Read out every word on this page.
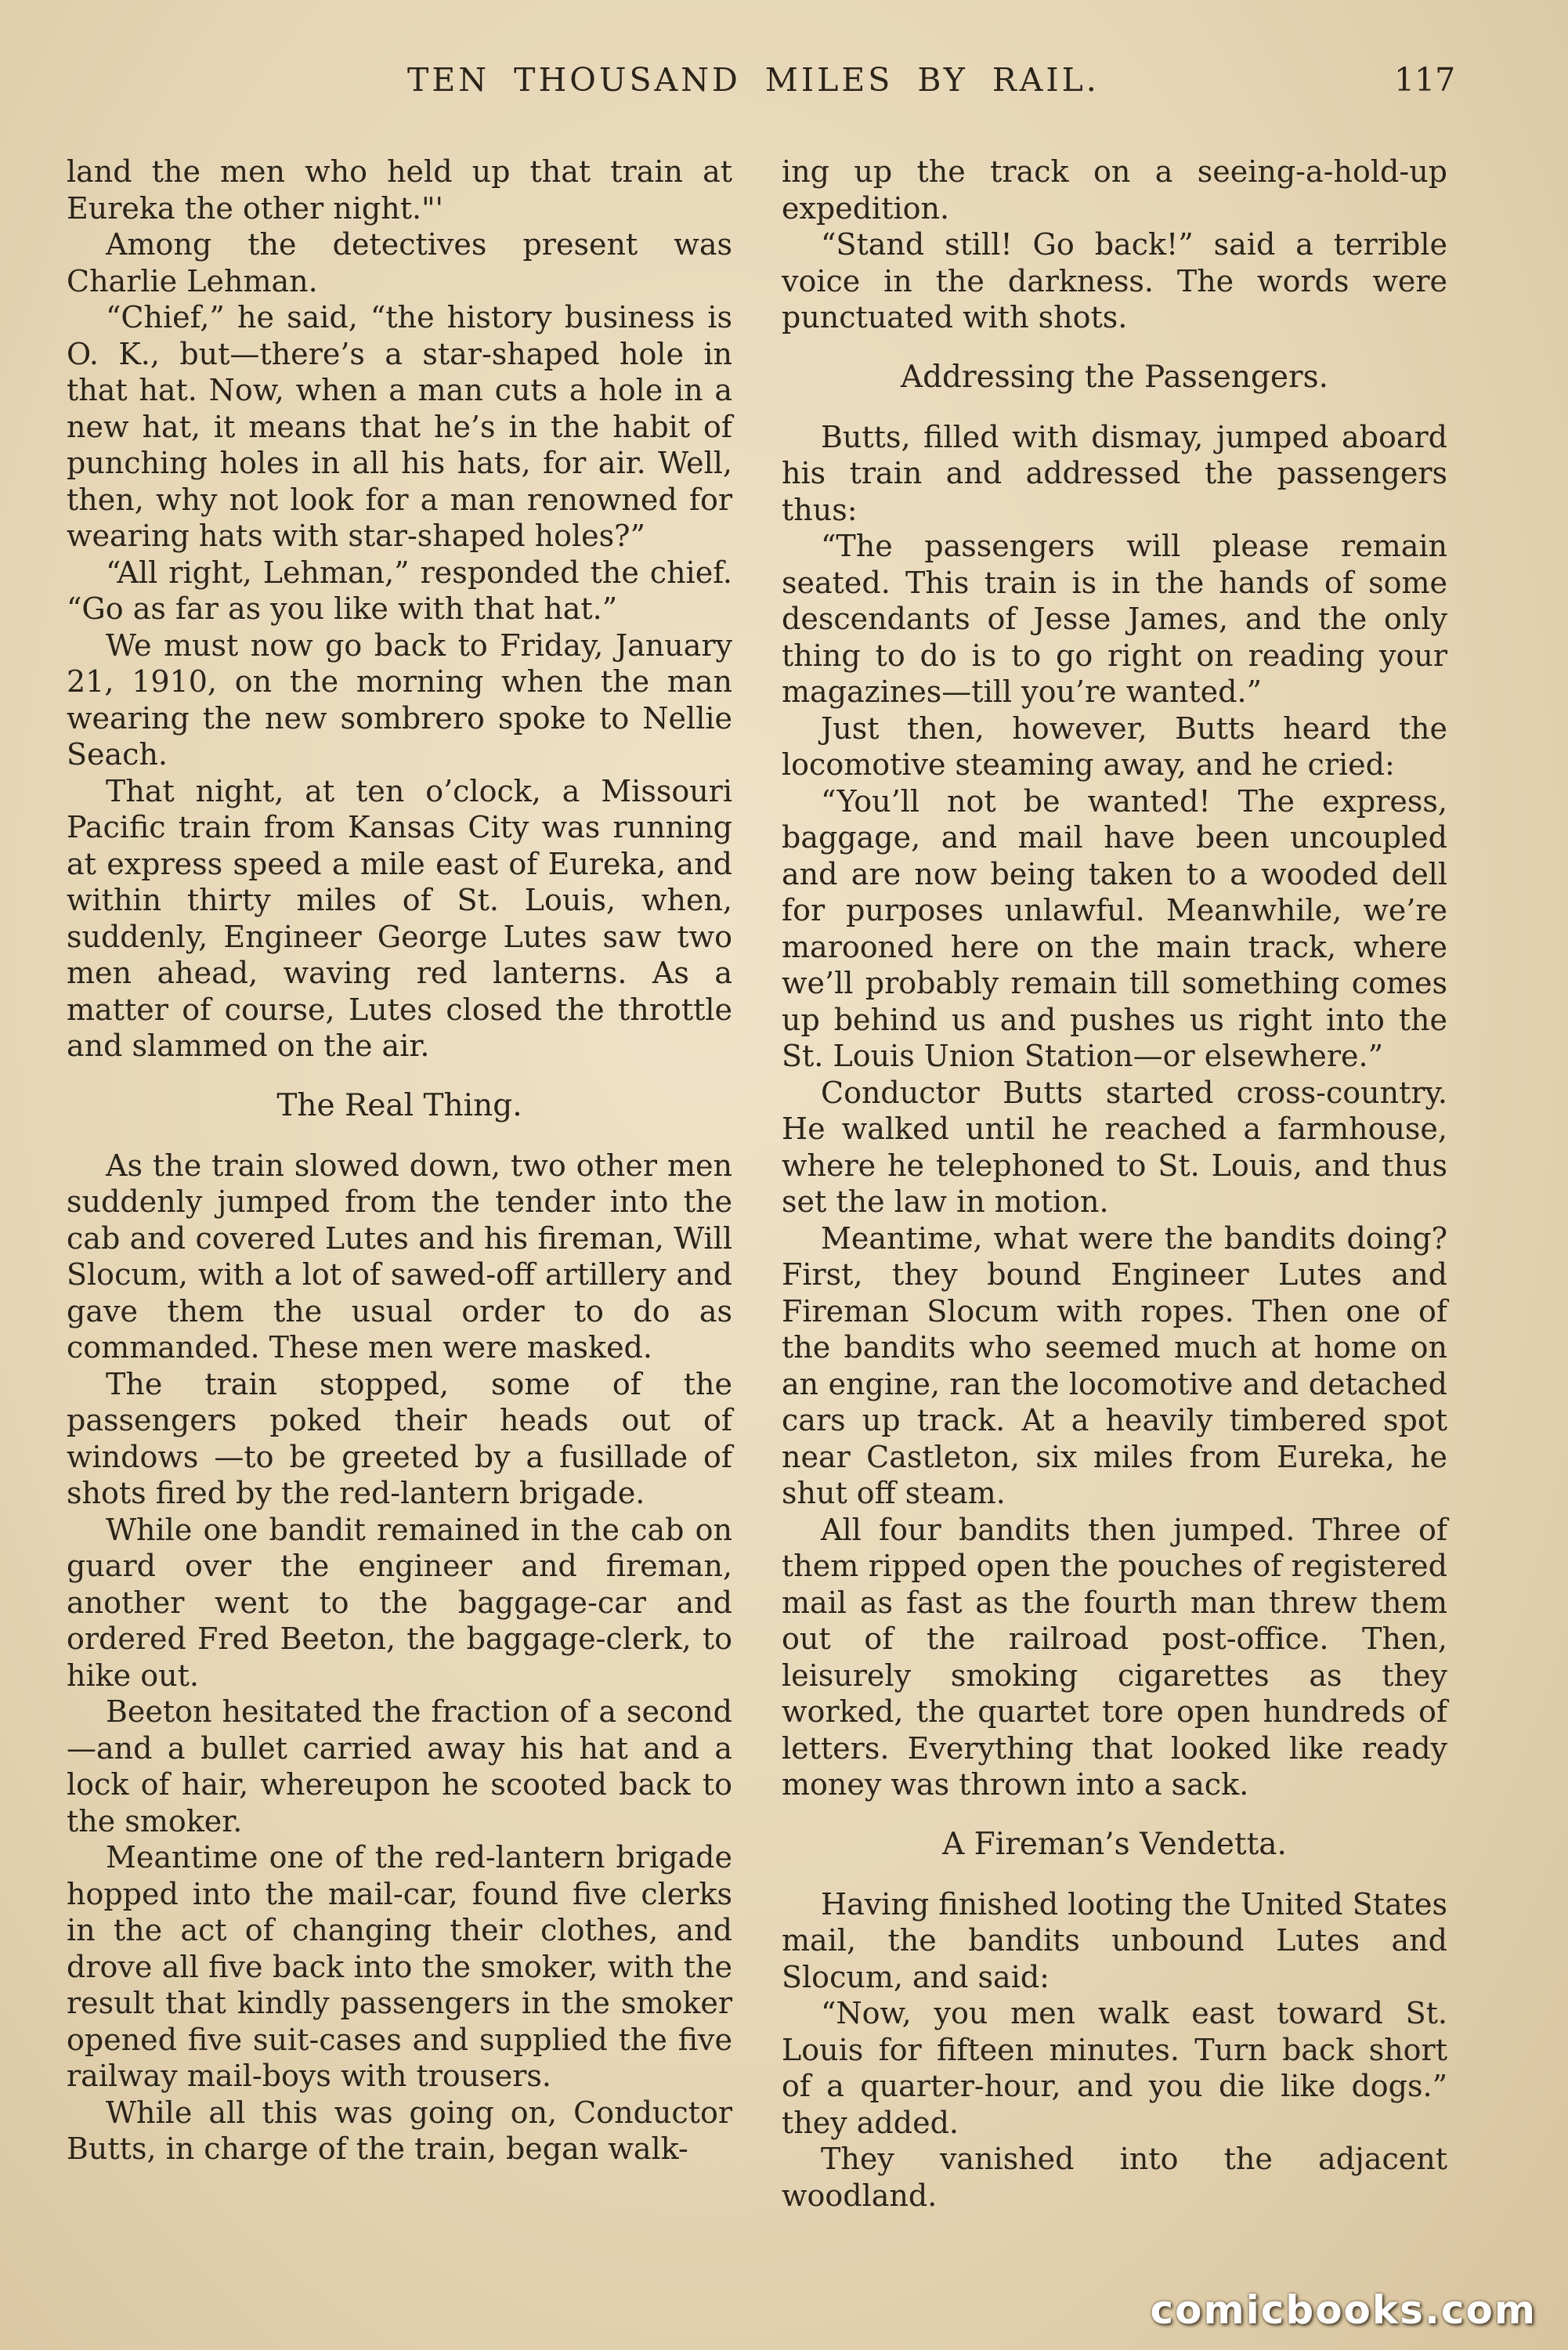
TEN THOUSAND MILES BY RAIL.	117

land the men who held up that train at Eureka the other night."'

Among the detectives present was Charlie Lehman.

“Chief,” he said, “the history business is O. K., but—there’s a star-shaped hole in that hat. Now, when a man cuts a hole in a new hat, it means that he’s in the habit of punching holes in all his hats, for air. Well, then, why not look for a man renowned for wearing hats with star-shaped holes?”

“All right, Lehman,” responded the chief. “Go as far as you like with that hat.”

We must now go back to Friday, January 21, 1910, on the morning when the man wearing the new sombrero spoke to Nellie Seach.

That night, at ten o’clock, a Missouri Pacific train from Kansas City was running at express speed a mile east of Eureka, and within thirty miles of St. Louis, when, suddenly, Engineer George Lutes saw two men ahead, waving red lanterns. As a matter of course, Lutes closed the throttle and slammed on the air.

The Real Thing.

As the train slowed down, two other men suddenly jumped from the tender into the cab and covered Lutes and his fireman, Will Slocum, with a lot of sawed-off artillery and gave them the usual order to do as commanded. These men were masked.

The train stopped, some of the passengers poked their heads out of windows —to be greeted by a fusillade of shots fired by the red-lantern brigade.

While one bandit remained in the cab on guard over the engineer and fireman, another went to the baggage-car and ordered Fred Beeton, the baggage-clerk, to hike out.

Beeton hesitated the fraction of a second —and a bullet carried away his hat and a lock of hair, whereupon he scooted back to the smoker.

Meantime one of the red-lantern brigade hopped into the mail-car, found five clerks in the act of changing their clothes, and drove all five back into the smoker, with the result that kindly passengers in the smoker opened five suit-cases and supplied the five railway mail-boys with trousers.

While all this was going on, Conductor Butts, in charge of the train, began walk-

ing up the track on a seeing-a-hold-up expedition.

“Stand still! Go back!” said a terrible voice in the darkness. The words were punctuated with shots.

Addressing the Passengers.

Butts, filled with dismay, jumped aboard his train and addressed the passengers thus:

“The passengers will please remain seated. This train is in the hands of some descendants of Jesse James, and the only thing to do is to go right on reading your magazines—till you’re wanted.”

Just then, however, Butts heard the locomotive steaming away, and he cried:

“You’ll not be wanted! The express, baggage, and mail have been uncoupled and are now being taken to a wooded dell for purposes unlawful. Meanwhile, we’re marooned here on the main track, where we’ll probably remain till something comes up behind us and pushes us right into the St. Louis Union Station—or elsewhere.”

Conductor Butts started cross-country. He walked until he reached a farmhouse, where he telephoned to St. Louis, and thus set the law in motion.

Meantime, what were the bandits doing? First, they bound Engineer Lutes and Fireman Slocum with ropes. Then one of the bandits who seemed much at home on an engine, ran the locomotive and detached cars up track. At a heavily timbered spot near Castleton, six miles from Eureka, he shut off steam.

All four bandits then jumped. Three of them ripped open the pouches of registered mail as fast as the fourth man threw them out of the railroad post-office. Then, leisurely smoking cigarettes as they worked, the quartet tore open hundreds of letters. Everything that looked like ready money was thrown into a sack.

A Fireman’s Vendetta.

Having finished looting the United States mail, the bandits unbound Lutes and Slocum, and said:

“Now, you men walk east toward St. Louis for fifteen minutes. Turn back short of a quarter-hour, and you die like dogs.” they added.

They vanished into the adjacent woodland.

comicbooks.com
